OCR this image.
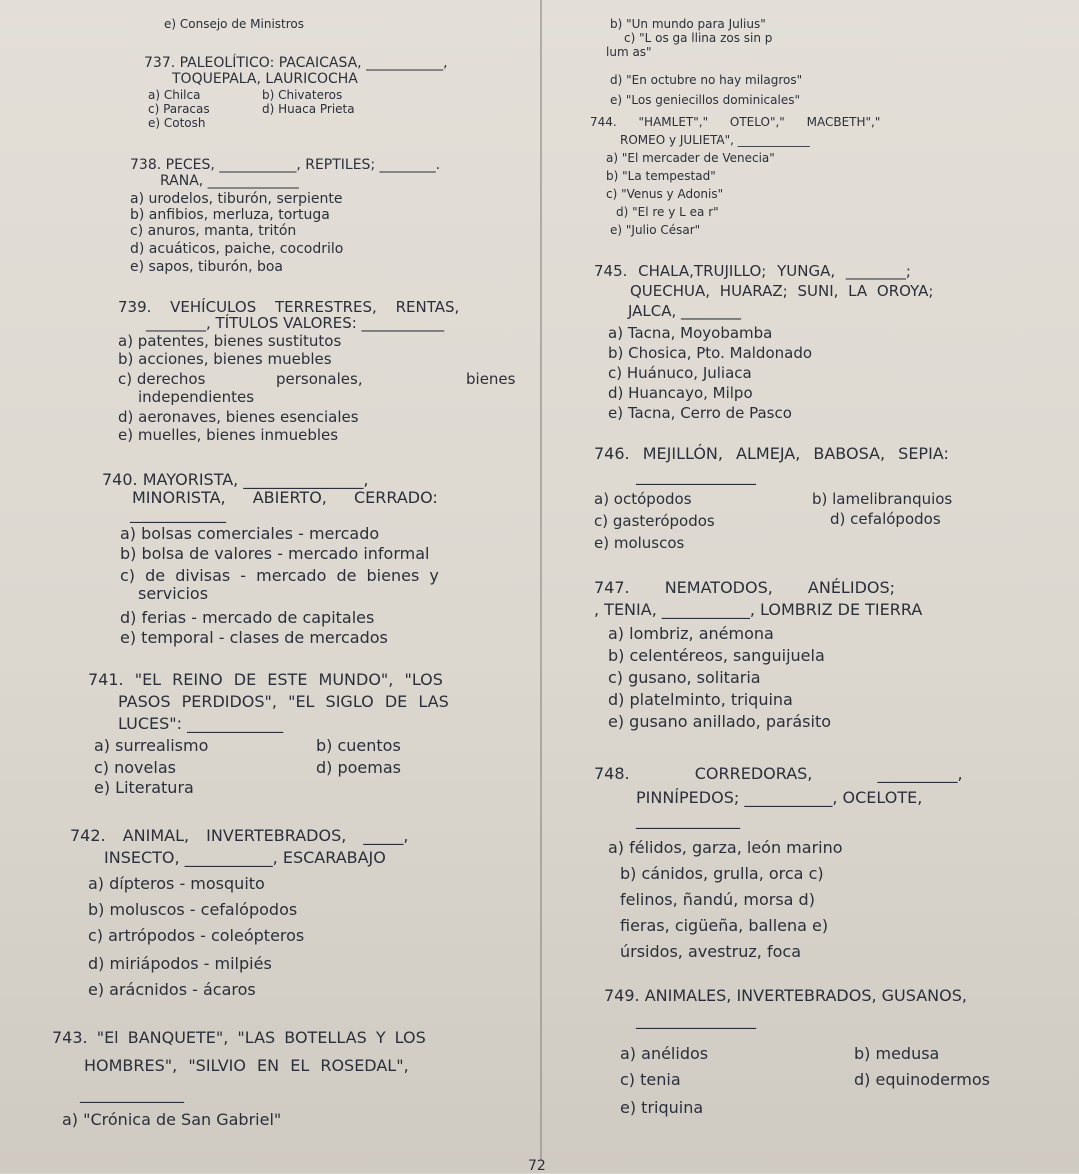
e) Consejo de Ministros
737. PALEOLÍTICO: PACAICASA, ___________,
TOQUEPALA, LAURICOCHA
a) Chilca	b) Chivateros
c) Paracas	d) Huaca Prieta
e) Cotosh
738. PECES, ___________, REPTILES; ________.
RANA, _____________
a) urodelos, tiburón, serpiente
b) anfibios, merluza, tortuga
c) anuros, manta, tritón
d) acuáticos, paiche, cocodrilo
e) sapos, tiburón, boa
739. VEHÍCULOS TERRESTRES, RENTAS,
________, TÍTULOS VALORES: ___________
a) patentes, bienes sustitutos
b) acciones, bienes muebles
c) derechos	personales,	bienes
independientes
d) aeronaves, bienes esenciales
e) muelles, bienes inmuebles
740. MAYORISTA, _______________,
MINORISTA, ABIERTO, CERRADO:
____________
a) bolsas comerciales - mercado
b) bolsa de valores - mercado informal
c) de divisas - mercado de bienes y
servicios
d) ferias - mercado de capitales
e) temporal - clases de mercados
741. "EL REINO DE ESTE MUNDO", "LOS
PASOS PERDIDOS", "EL SIGLO DE LAS
LUCES": ____________
a) surrealismo	b) cuentos
c) novelas	d) poemas
e) Literatura
742. ANIMAL, INVERTEBRADOS, _____,
INSECTO, ___________, ESCARABAJO
a) dípteros - mosquito
b) moluscos - cefalópodos
c) artrópodos - coleópteros
d) miriápodos - milpiés
e) arácnidos - ácaros
743. "El BANQUETE", "LAS BOTELLAS Y LOS
HOMBRES", "SILVIO EN EL ROSEDAL",
_____________
a) "Crónica de San Gabriel"
b) "Un mundo para Julius"
c) "L os ga llina zos sin p
lum as"
d) "En octubre no hay milagros"
e) "Los geniecillos dominicales"
744. "HAMLET"," OTELO"," MACBETH","
ROMEO y JULIETA", ____________
a) "El mercader de Venecia"
b) "La tempestad"
c) "Venus y Adonis"
d) "El re y L ea r"
e) "Julio César"
745. CHALA,TRUJILLO; YUNGA, ________;
QUECHUA, HUARAZ; SUNI, LA OROYA;
JALCA, ________
a) Tacna, Moyobamba
b) Chosica, Pto. Maldonado
c) Huánuco, Juliaca
d) Huancayo, Milpo
e) Tacna, Cerro de Pasco
746. MEJILLÓN, ALMEJA, BABOSA, SEPIA:
_______________
a) octópodos	b) lamelibranquios
c) gasterópodos	d) cefalópodos
e) moluscos
747. NEMATODOS, ANÉLIDOS;
, TENIA, ___________, LOMBRIZ DE TIERRA
a) lombriz, anémona
b) celentéreos, sanguijuela
c) gusano, solitaria
d) platelminto, triquina
e) gusano anillado, parásito
748. CORREDORAS, __________,
PINNÍPEDOS; ___________, OCELOTE,
_____________
a) félidos, garza, león marino
b) cánidos, grulla, orca c)
felinos, ñandú, morsa d)
fieras, cigüeña, ballena e)
úrsidos, avestruz, foca
749. ANIMALES, INVERTEBRADOS, GUSANOS,
_______________
a) anélidos	b) medusa
c) tenia	d) equinodermos
e) triquina
72
